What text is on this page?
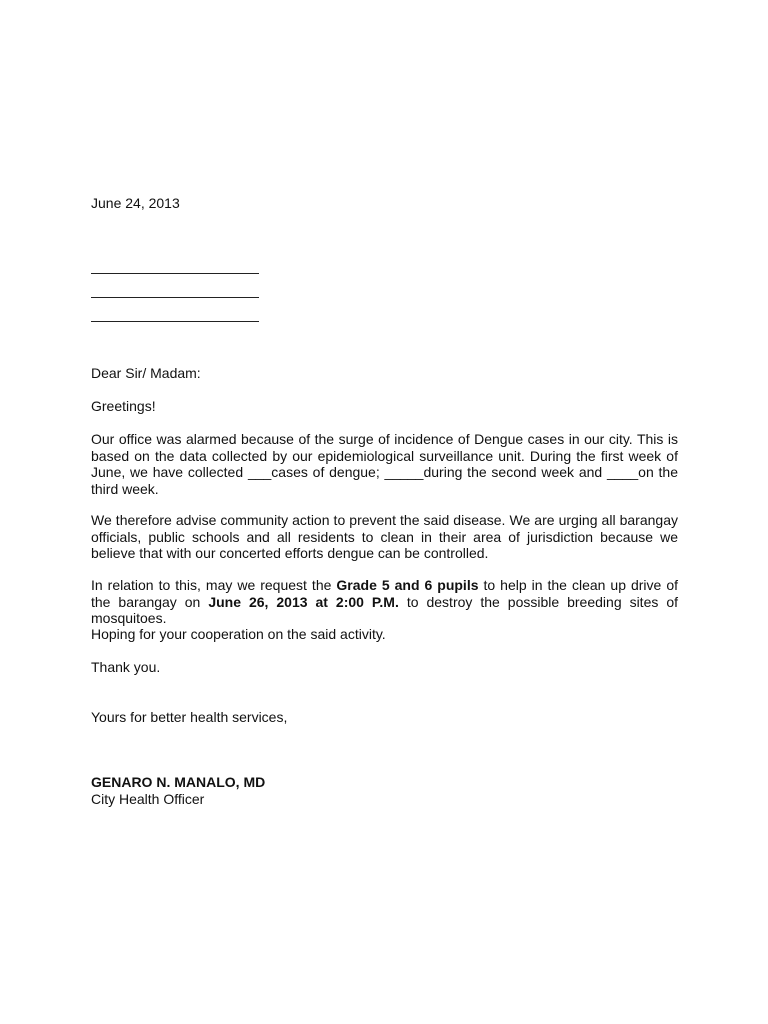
June 24, 2013
Dear Sir/ Madam:
Greetings!
Our office was alarmed because of the surge of incidence of Dengue cases in our city. This is based on the data collected by our epidemiological surveillance unit. During the first week of June, we have collected ___cases of dengue; _____during the second week and ____on the third week.
We therefore advise community action to prevent the said disease. We are urging all barangay officials, public schools and all residents to clean in their area of jurisdiction because we believe that with our concerted efforts dengue can be controlled.
In relation to this, may we request the Grade 5 and 6 pupils to help in the clean up drive of the barangay on June 26, 2013 at 2:00 P.M. to destroy the possible breeding sites of mosquitoes.
Hoping for your cooperation on the said activity.
Thank you.
Yours for better health services,
GENARO N. MANALO, MD
City Health Officer
